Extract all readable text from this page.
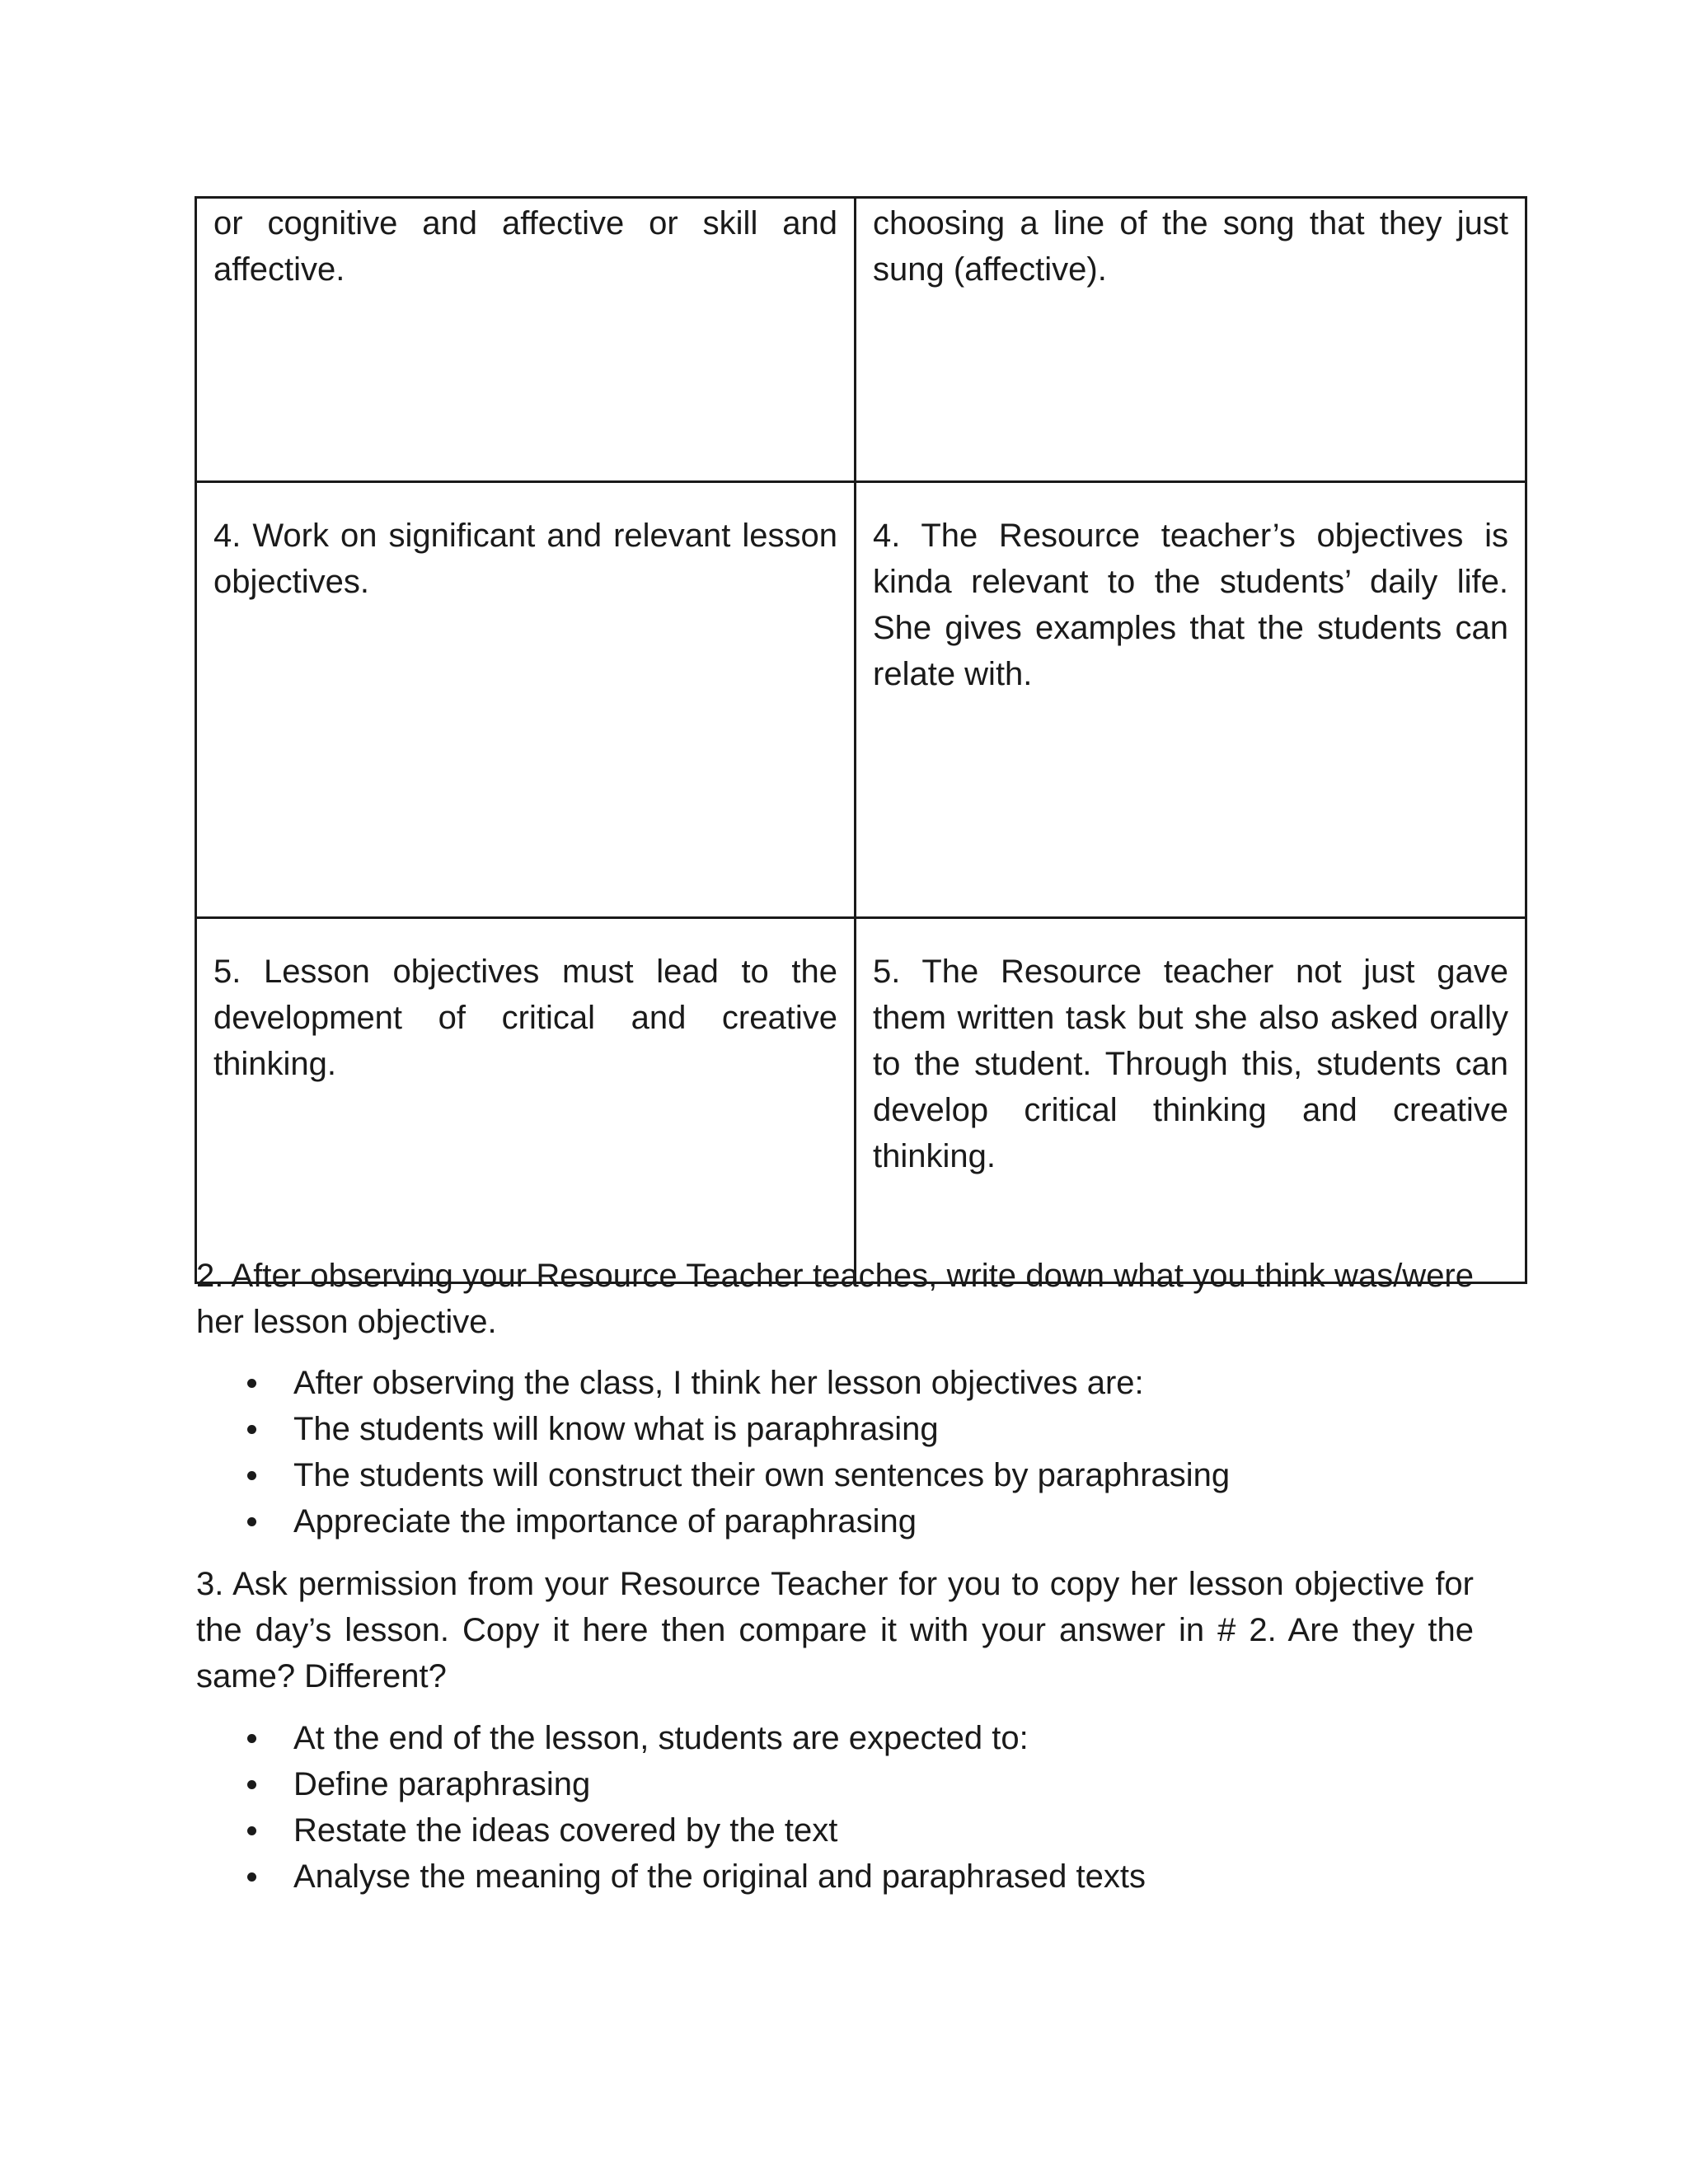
or cognitive and affective or skill and affective.	choosing a line of the song that they just sung (affective).
4. Work on significant and relevant lesson objectives.	4. The Resource teacher’s objectives is kinda relevant to the students’ daily life. She gives examples that the students can relate with.
5. Lesson objectives must lead to the development of critical and creative thinking.	5. The Resource teacher not just gave them written task but she also asked orally to the student. Through this, students can develop critical thinking and creative thinking.

2. After observing your Resource Teacher teaches, write down what you think was/were her lesson objective.

After observing the class, I think her lesson objectives are:
The students will know what is paraphrasing
The students will construct their own sentences by paraphrasing
Appreciate the importance of paraphrasing

3. Ask permission from your Resource Teacher for you to copy her lesson objective for the day’s lesson. Copy it here then compare it with your answer in # 2. Are they the same? Different?

At the end of the lesson, students are expected to:
Define paraphrasing
Restate the ideas covered by the text
Analyse the meaning of the original and paraphrased texts
